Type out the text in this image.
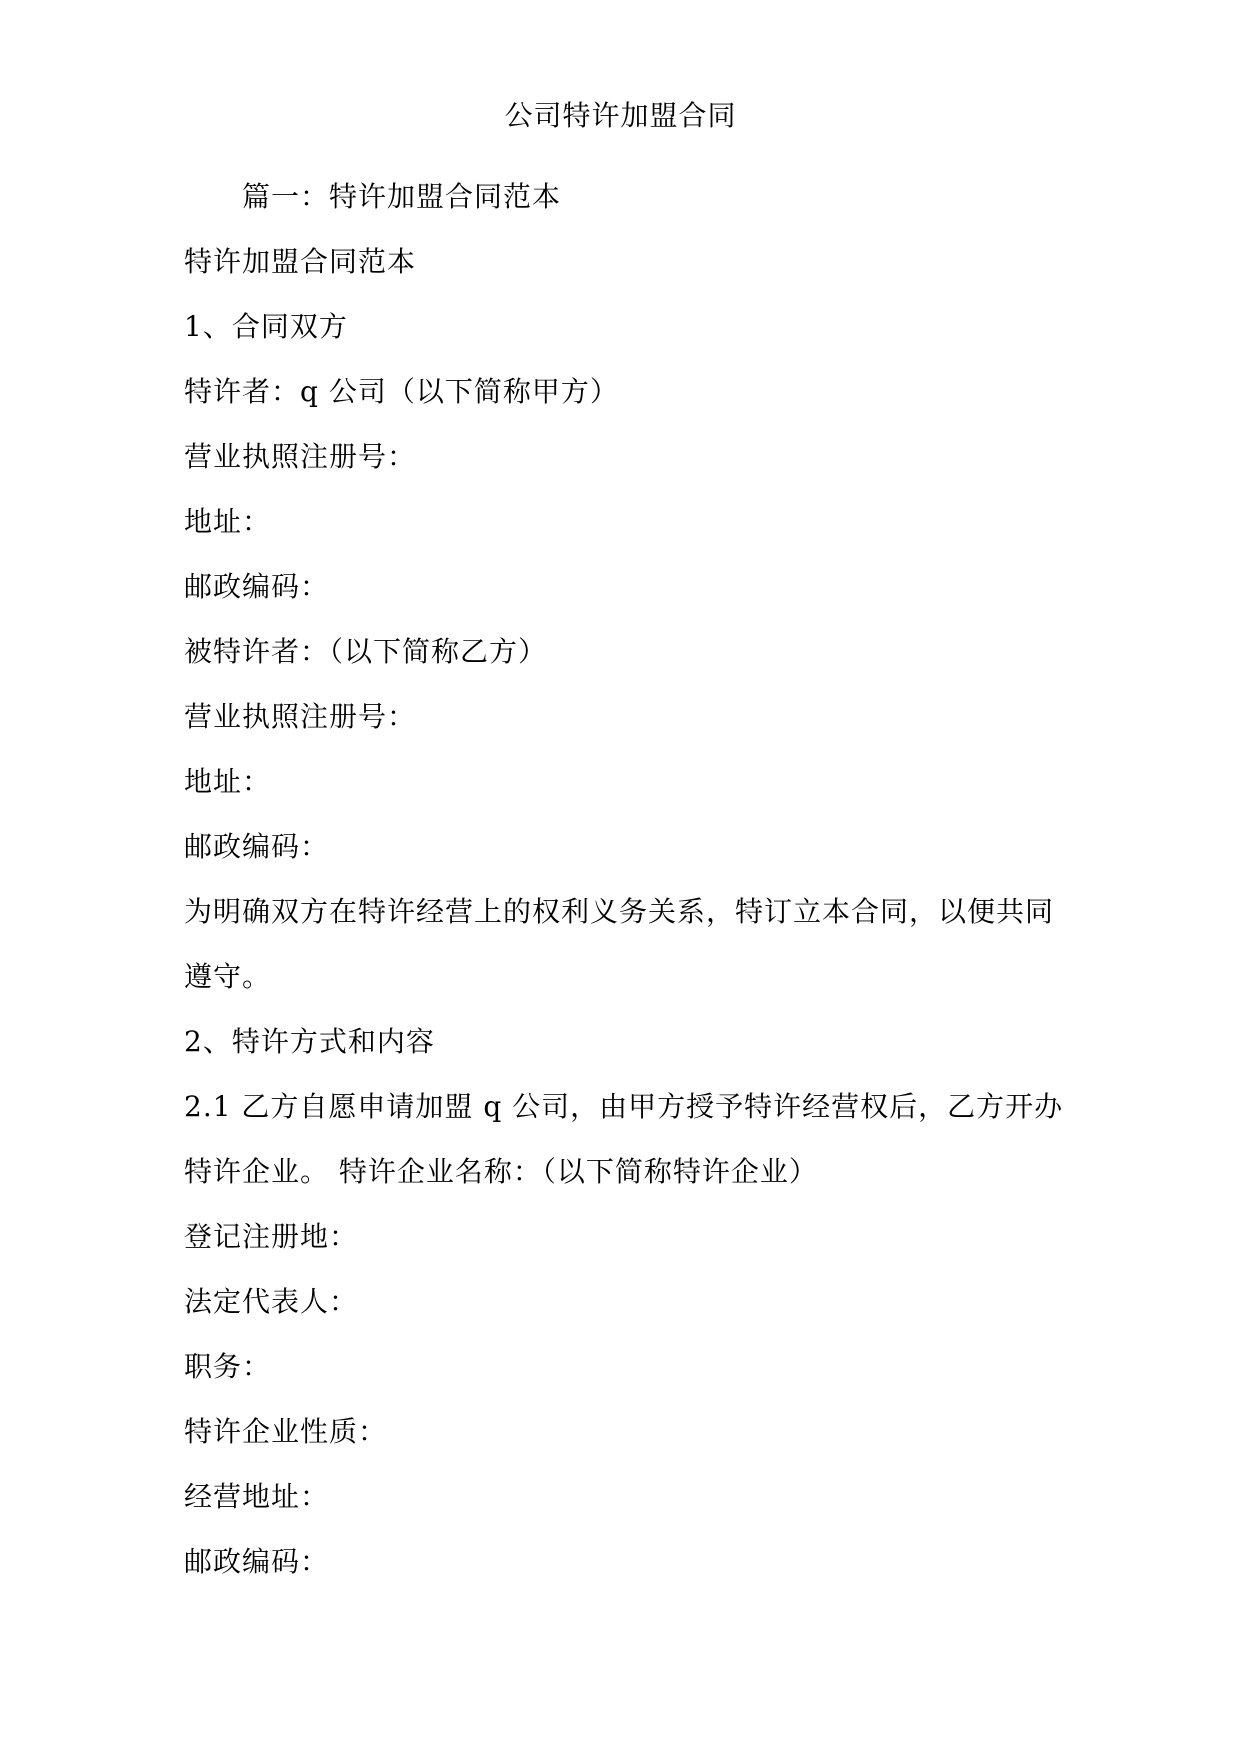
公司特许加盟合同
篇一：特许加盟合同范本
特许加盟合同范本
1、合同双方
特许者：q 公司（以下简称甲方）
营业执照注册号：
地址：
邮政编码：
被特许者：（以下简称乙方）
营业执照注册号：
地址：
邮政编码：
为明确双方在特许经营上的权利义务关系，特订立本合同，以便共同
遵守。
2、特许方式和内容
2.1 乙方自愿申请加盟 q 公司，由甲方授予特许经营权后，乙方开办
特许企业。 特许企业名称：（以下简称特许企业）
登记注册地：
法定代表人：
职务：
特许企业性质：
经营地址：
邮政编码：
